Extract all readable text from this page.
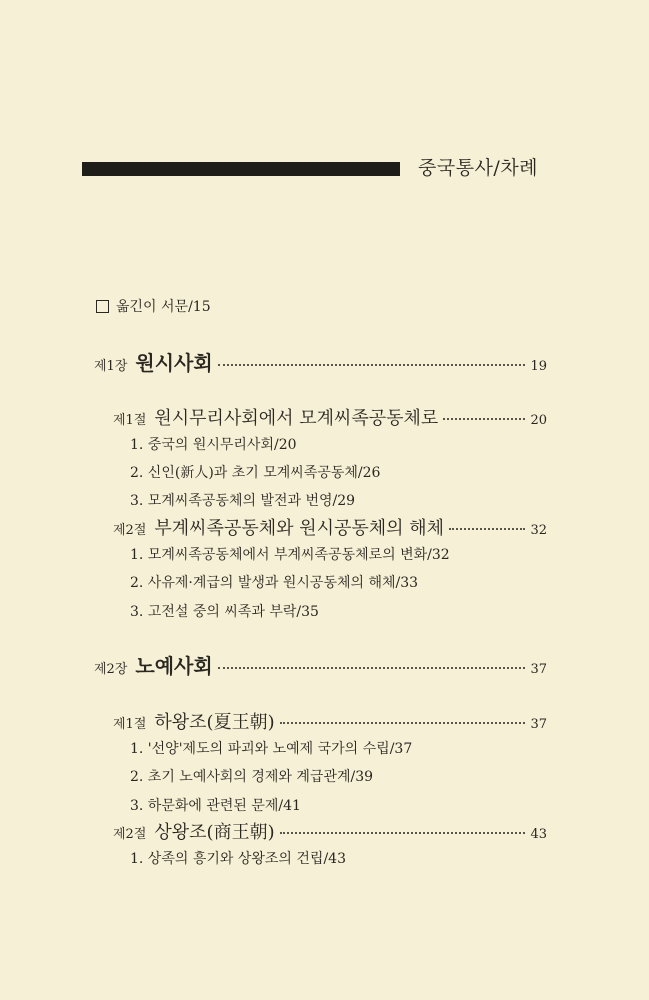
중국통사/차례
옮긴이 서문/15
제1장 원시사회	19
제1절 원시무리사회에서 모계씨족공동체로	20
1. 중국의 원시무리사회/20
2. 신인(新人)과 초기 모계씨족공동체/26
3. 모계씨족공동체의 발전과 번영/29
제2절 부계씨족공동체와 원시공동체의 해체	32
1. 모계씨족공동체에서 부계씨족공동체로의 변화/32
2. 사유제·계급의 발생과 원시공동체의 해체/33
3. 고전설 중의 씨족과 부락/35
제2장 노예사회	37
제1절 하왕조(夏王朝)	37
1. '선양'제도의 파괴와 노예제 국가의 수립/37
2. 초기 노예사회의 경제와 계급관계/39
3. 하문화에 관련된 문제/41
제2절 상왕조(商王朝)	43
1. 상족의 흥기와 상왕조의 건립/43
